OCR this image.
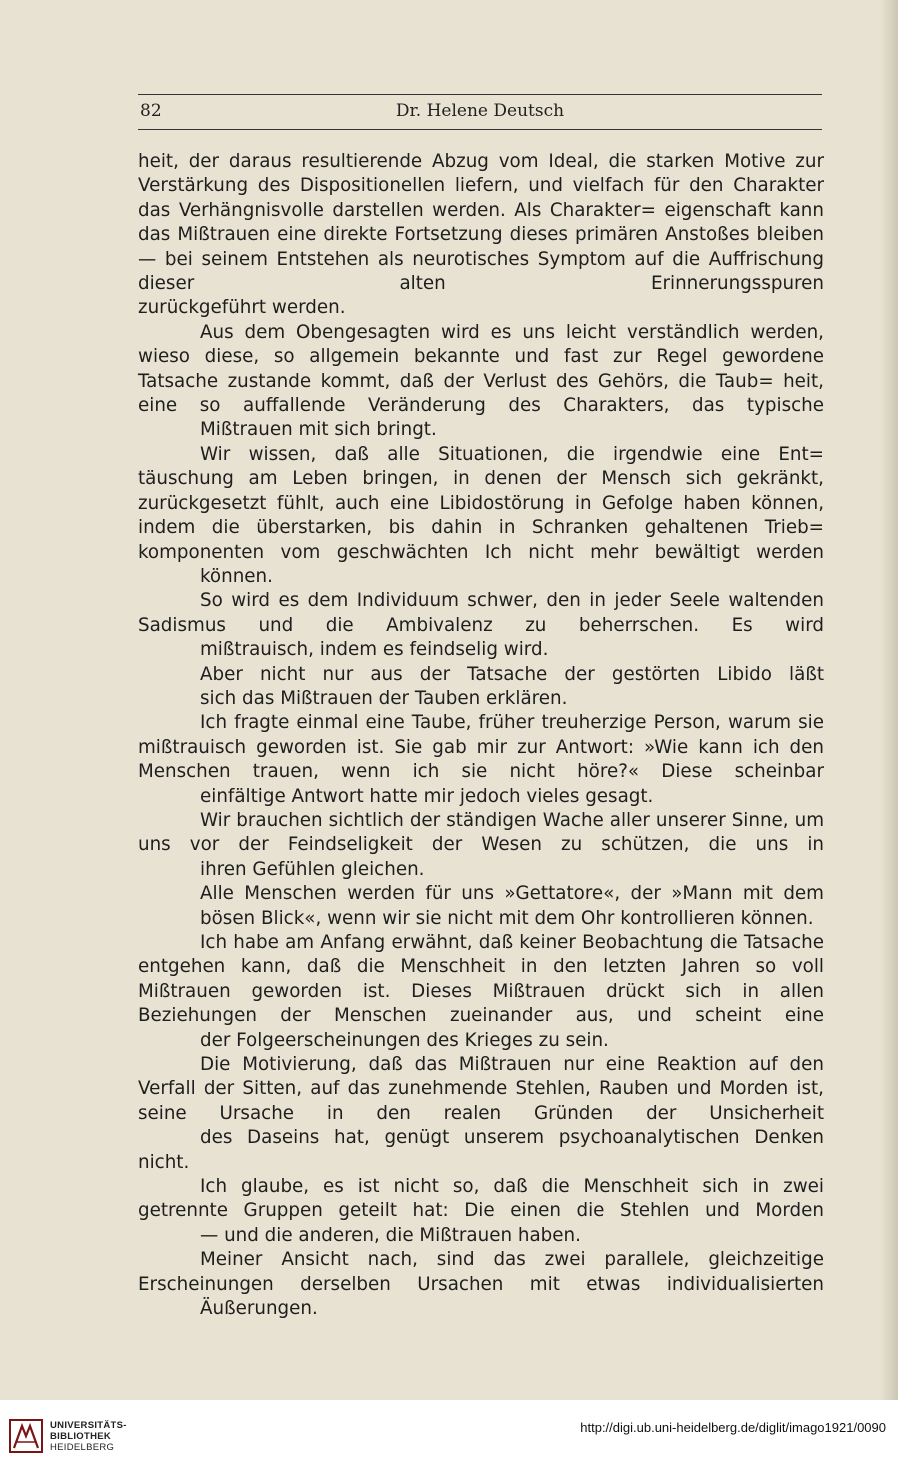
82	Dr. Helene Deutsch

heit, der daraus resultierende Abzug vom Ideal, die starken Motive zur Verstärkung des Dispositionellen liefern, und vielfach für den Charakter das Verhängnisvolle darstellen werden. Als Charakter= eigenschaft kann das Mißtrauen eine direkte Fortsetzung dieses primären Anstoßes bleiben — bei seinem Entstehen als neurotisches Symptom auf die Auffrischung dieser alten Erinnerungsspuren
zurückgeführt werden.

Aus dem Obengesagten wird es uns leicht verständlich werden, wieso diese, so allgemein bekannte und fast zur Regel gewordene Tatsache zustande kommt, daß der Verlust des Gehörs, die Taub= heit, eine so auffallende Veränderung des Charakters, das typische
Mißtrauen mit sich bringt.

Wir wissen, daß alle Situationen, die irgendwie eine Ent= täuschung am Leben bringen, in denen der Mensch sich gekränkt, zurückgesetzt fühlt, auch eine Libidostörung in Gefolge haben können, indem die überstarken, bis dahin in Schranken gehaltenen Trieb= komponenten vom geschwächten Ich nicht mehr bewältigt werden
können.

So wird es dem Individuum schwer, den in jeder Seele waltenden Sadismus und die Ambivalenz zu beherrschen. Es wird
mißtrauisch, indem es feindselig wird.

Aber nicht nur aus der Tatsache der gestörten Libido läßt
sich das Mißtrauen der Tauben erklären.

Ich fragte einmal eine Taube, früher treuherzige Person, warum sie mißtrauisch geworden ist. Sie gab mir zur Antwort: »Wie kann ich den Menschen trauen, wenn ich sie nicht höre?« Diese scheinbar
einfältige Antwort hatte mir jedoch vieles gesagt.

Wir brauchen sichtlich der ständigen Wache aller unserer Sinne, um uns vor der Feindseligkeit der Wesen zu schützen, die uns in
ihren Gefühlen gleichen.

Alle Menschen werden für uns »Gettatore«, der »Mann mit dem
bösen Blick«, wenn wir sie nicht mit dem Ohr kontrollieren können.

Ich habe am Anfang erwähnt, daß keiner Beobachtung die Tatsache entgehen kann, daß die Menschheit in den letzten Jahren so voll Mißtrauen geworden ist. Dieses Mißtrauen drückt sich in allen Beziehungen der Menschen zueinander aus, und scheint eine
der Folgeerscheinungen des Krieges zu sein.

Die Motivierung, daß das Mißtrauen nur eine Reaktion auf den Verfall der Sitten, auf das zunehmende Stehlen, Rauben und Morden ist, seine Ursache in den realen Gründen der Unsicherheit
des Daseins hat, genügt unserem psychoanalytischen Denken nicht.

Ich glaube, es ist nicht so, daß die Menschheit sich in zwei getrennte Gruppen geteilt hat: Die einen die Stehlen und Morden
— und die anderen, die Mißtrauen haben.

Meiner Ansicht nach, sind das zwei parallele, gleichzeitige Erscheinungen derselben Ursachen mit etwas individualisierten
Äußerungen.

UNIVERSITÄTS-
BIBLIOTHEK
HEIDELBERG
http://digi.ub.uni-heidelberg.de/diglit/imago1921/0090
